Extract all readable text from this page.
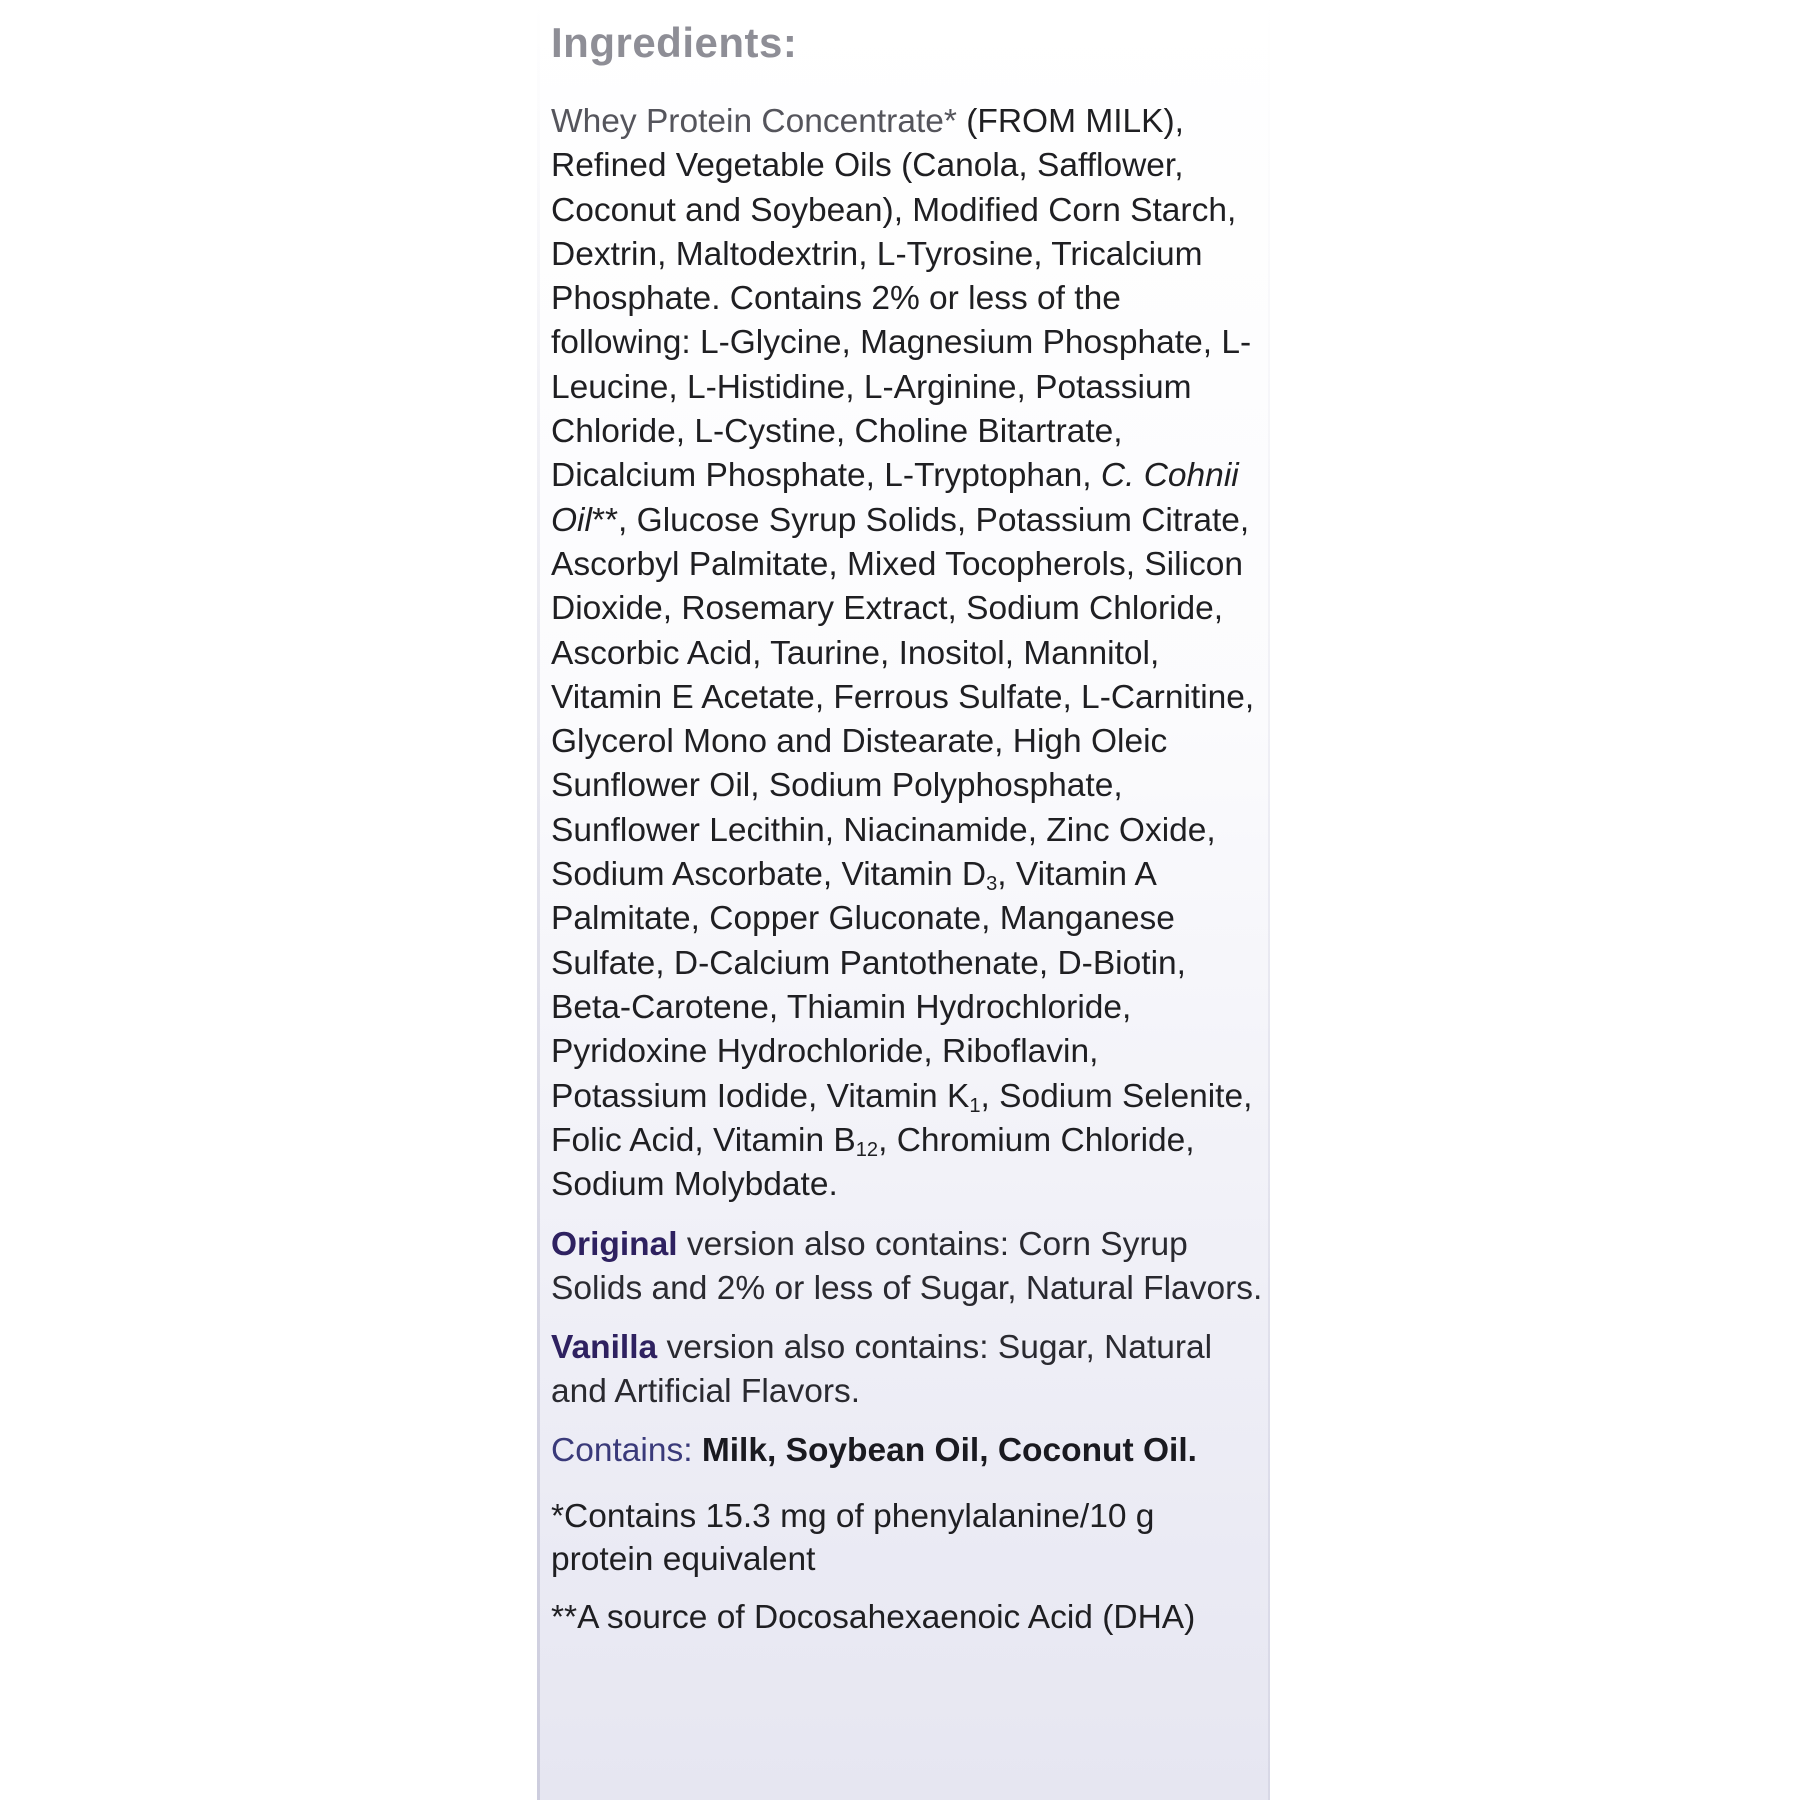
Ingredients:

Whey Protein Concentrate* (FROM MILK), Refined Vegetable Oils (Canola, Safflower, Coconut and Soybean), Modified Corn Starch, Dextrin, Maltodextrin, L-Tyrosine, Tricalcium Phosphate. Contains 2% or less of the following: L-Glycine, Magnesium Phosphate, L-Leucine, L-Histidine, L-Arginine, Potassium Chloride, L-Cystine, Choline Bitartrate, Dicalcium Phosphate, L-Tryptophan, C. Cohnii Oil**, Glucose Syrup Solids, Potassium Citrate, Ascorbyl Palmitate, Mixed Tocopherols, Silicon Dioxide, Rosemary Extract, Sodium Chloride, Ascorbic Acid, Taurine, Inositol, Mannitol, Vitamin E Acetate, Ferrous Sulfate, L-Carnitine, Glycerol Mono and Distearate, High Oleic Sunflower Oil, Sodium Polyphosphate, Sunflower Lecithin, Niacinamide, Zinc Oxide, Sodium Ascorbate, Vitamin $D_3$, Vitamin A Palmitate, Copper Gluconate, Manganese Sulfate, D-Calcium Pantothenate, D-Biotin, Beta-Carotene, Thiamin Hydrochloride, Pyridoxine Hydrochloride, Riboflavin, Potassium Iodide, Vitamin $K_1$, Sodium Selenite, Folic Acid, Vitamin $B_{12}$, Chromium Chloride, Sodium Molybdate.

Original version also contains: Corn Syrup Solids and 2% or less of Sugar, Natural Flavors.

Vanilla version also contains: Sugar, Natural and Artificial Flavors.

Contains: Milk, Soybean Oil, Coconut Oil.

*Contains 15.3 mg of phenylalanine/10 g protein equivalent

**A source of Docosahexaenoic Acid (DHA)
